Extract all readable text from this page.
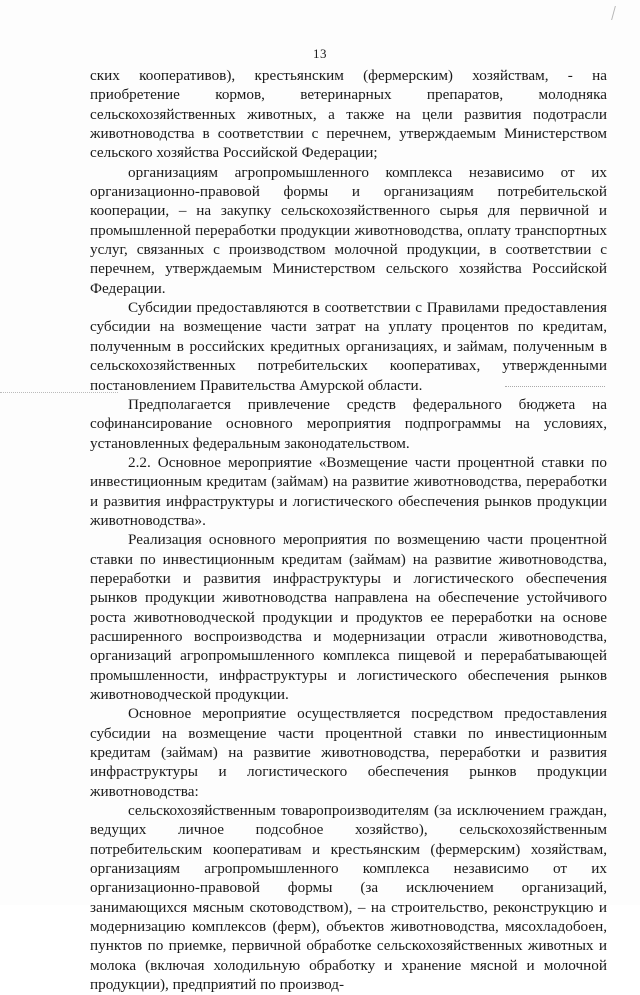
13

ских кооперативов), крестьянским (фермерским) хозяйствам, - на приобретение кормов, ветеринарных препаратов, молодняка сельскохозяйственных животных, а также на цели развития подотрасли животноводства в соответствии с перечнем, утверждаемым Министерством сельского хозяйства Российской Федерации;

организациям агропромышленного комплекса независимо от их организационно-правовой формы и организациям потребительской кооперации, – на закупку сельскохозяйственного сырья для первичной и промышленной переработки продукции животноводства, оплату транспортных услуг, связанных с производством молочной продукции, в соответствии с перечнем, утверждаемым Министерством сельского хозяйства Российской Федерации.

Субсидии предоставляются в соответствии с Правилами предоставления субсидии на возмещение части затрат на уплату процентов по кредитам, полученным в российских кредитных организациях, и займам, полученным в сельскохозяйственных потребительских кооперативах, утвержденными постановлением Правительства Амурской области.

Предполагается привлечение средств федерального бюджета на софинансирование основного мероприятия подпрограммы на условиях, установленных федеральным законодательством.

2.2. Основное мероприятие «Возмещение части процентной ставки по инвестиционным кредитам (займам) на развитие животноводства, переработки и развития инфраструктуры и логистического обеспечения рынков продукции животноводства».

Реализация основного мероприятия по возмещению части процентной ставки по инвестиционным кредитам (займам) на развитие животноводства, переработки и развития инфраструктуры и логистического обеспечения рынков продукции животноводства направлена на обеспечение устойчивого роста животноводческой продукции и продуктов ее переработки на основе расширенного воспроизводства и модернизации отрасли животноводства, организаций агропромышленного комплекса пищевой и перерабатывающей промышленности, инфраструктуры и логистического обеспечения рынков животноводческой продукции.

Основное мероприятие осуществляется посредством предоставления субсидии на возмещение части процентной ставки по инвестиционным кредитам (займам) на развитие животноводства, переработки и развития инфраструктуры и логистического обеспечения рынков продукции животноводства:

сельскохозяйственным товаропроизводителям (за исключением граждан, ведущих личное подсобное хозяйство), сельскохозяйственным потребительским кооперативам и крестьянским (фермерским) хозяйствам, организациям агропромышленного комплекса независимо от их организационно-правовой формы (за исключением организаций, занимающихся мясным скотоводством), – на строительство, реконструкцию и модернизацию комплексов (ферм), объектов животноводства, мясохладобоен, пунктов по приемке, первичной обработке сельскохозяйственных животных и молока (включая холодильную обработку и хранение мясной и молочной продукции), предприятий по производ-
